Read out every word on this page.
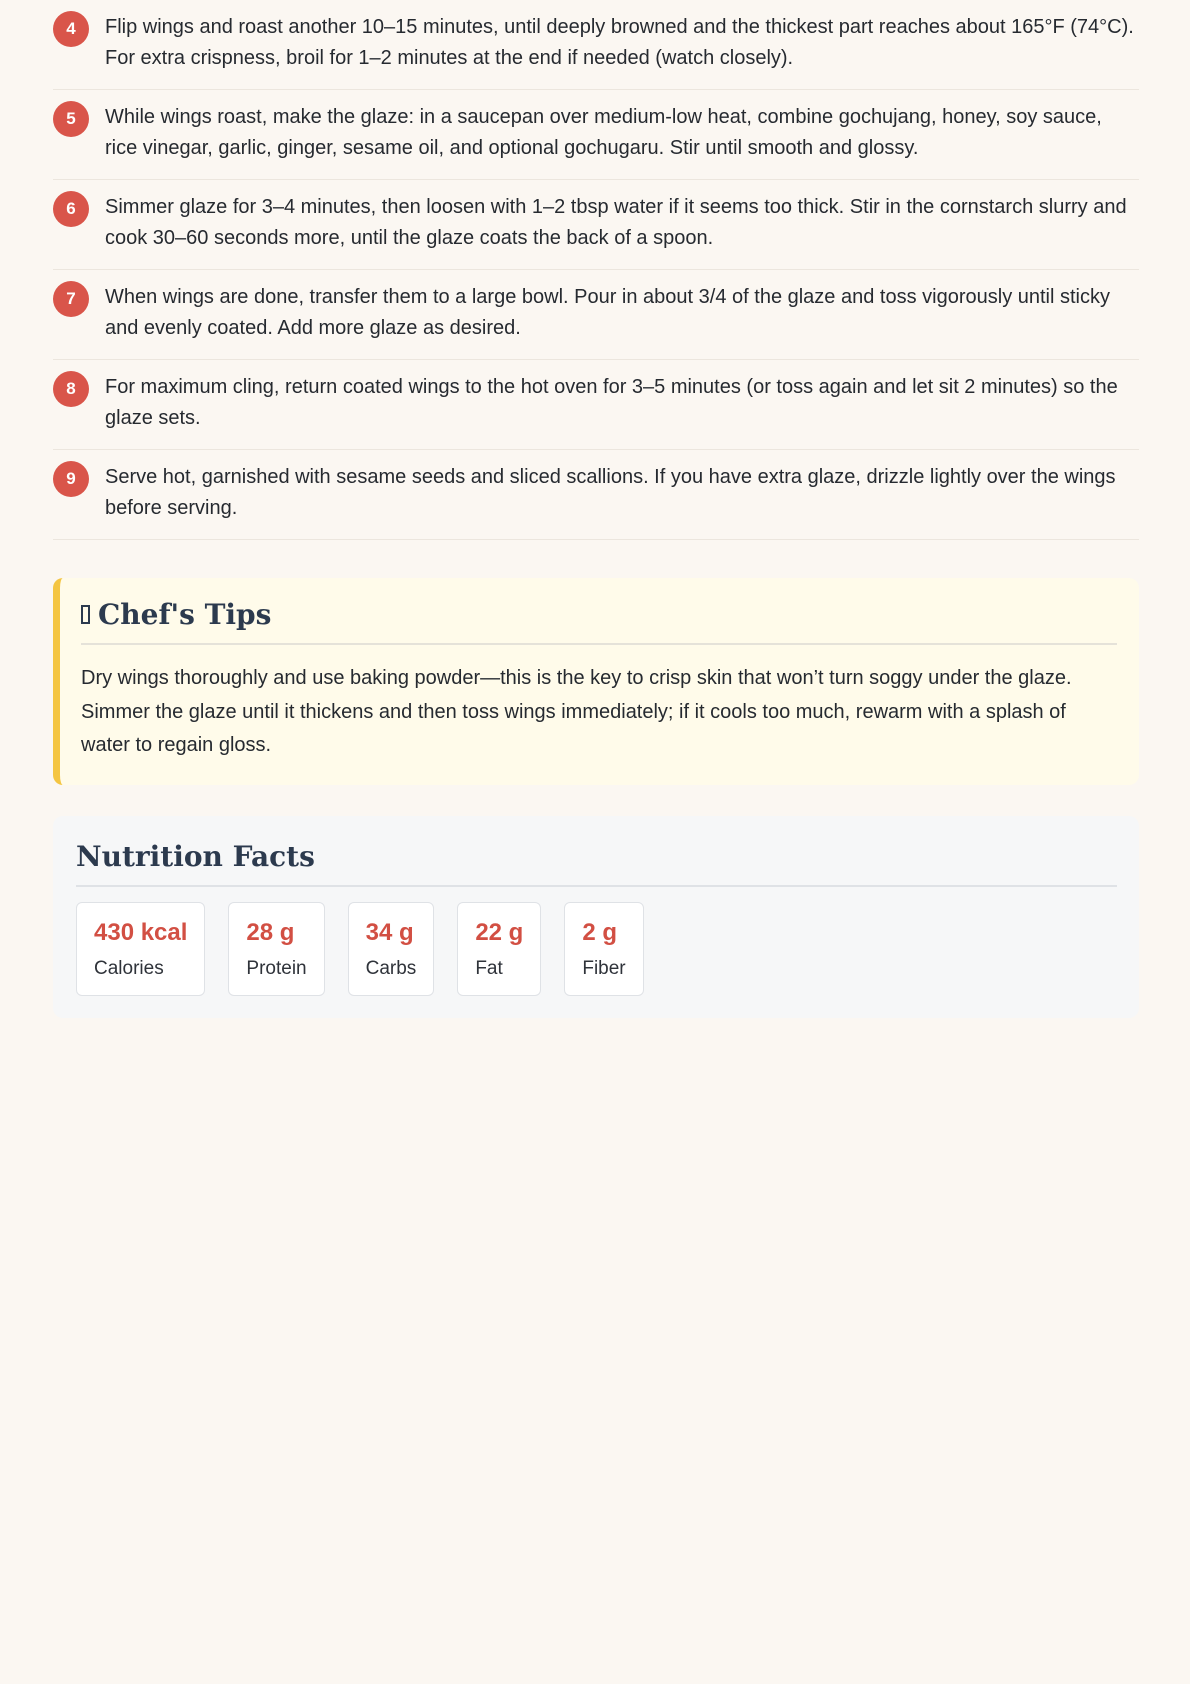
4	Flip wings and roast another 10–15 minutes, until deeply browned and the thickest part reaches about 165°F (74°C). For extra crispness, broil for 1–2 minutes at the end if needed (watch closely).
5	While wings roast, make the glaze: in a saucepan over medium-low heat, combine gochujang, honey, soy sauce, rice vinegar, garlic, ginger, sesame oil, and optional gochugaru. Stir until smooth and glossy.
6	Simmer glaze for 3–4 minutes, then loosen with 1–2 tbsp water if it seems too thick. Stir in the cornstarch slurry and cook 30–60 seconds more, until the glaze coats the back of a spoon.
7	When wings are done, transfer them to a large bowl. Pour in about 3/4 of the glaze and toss vigorously until sticky and evenly coated. Add more glaze as desired.
8	For maximum cling, return coated wings to the hot oven for 3–5 minutes (or toss again and let sit 2 minutes) so the glaze sets.
9	Serve hot, garnished with sesame seeds and sliced scallions. If you have extra glaze, drizzle lightly over the wings before serving.
Chef's Tips
Dry wings thoroughly and use baking powder—this is the key to crisp skin that won’t turn soggy under the glaze. Simmer the glaze until it thickens and then toss wings immediately; if it cools too much, rewarm with a splash of water to regain gloss.
Nutrition Facts
430 kcal
Calories
28 g
Protein
34 g
Carbs
22 g
Fat
2 g
Fiber
